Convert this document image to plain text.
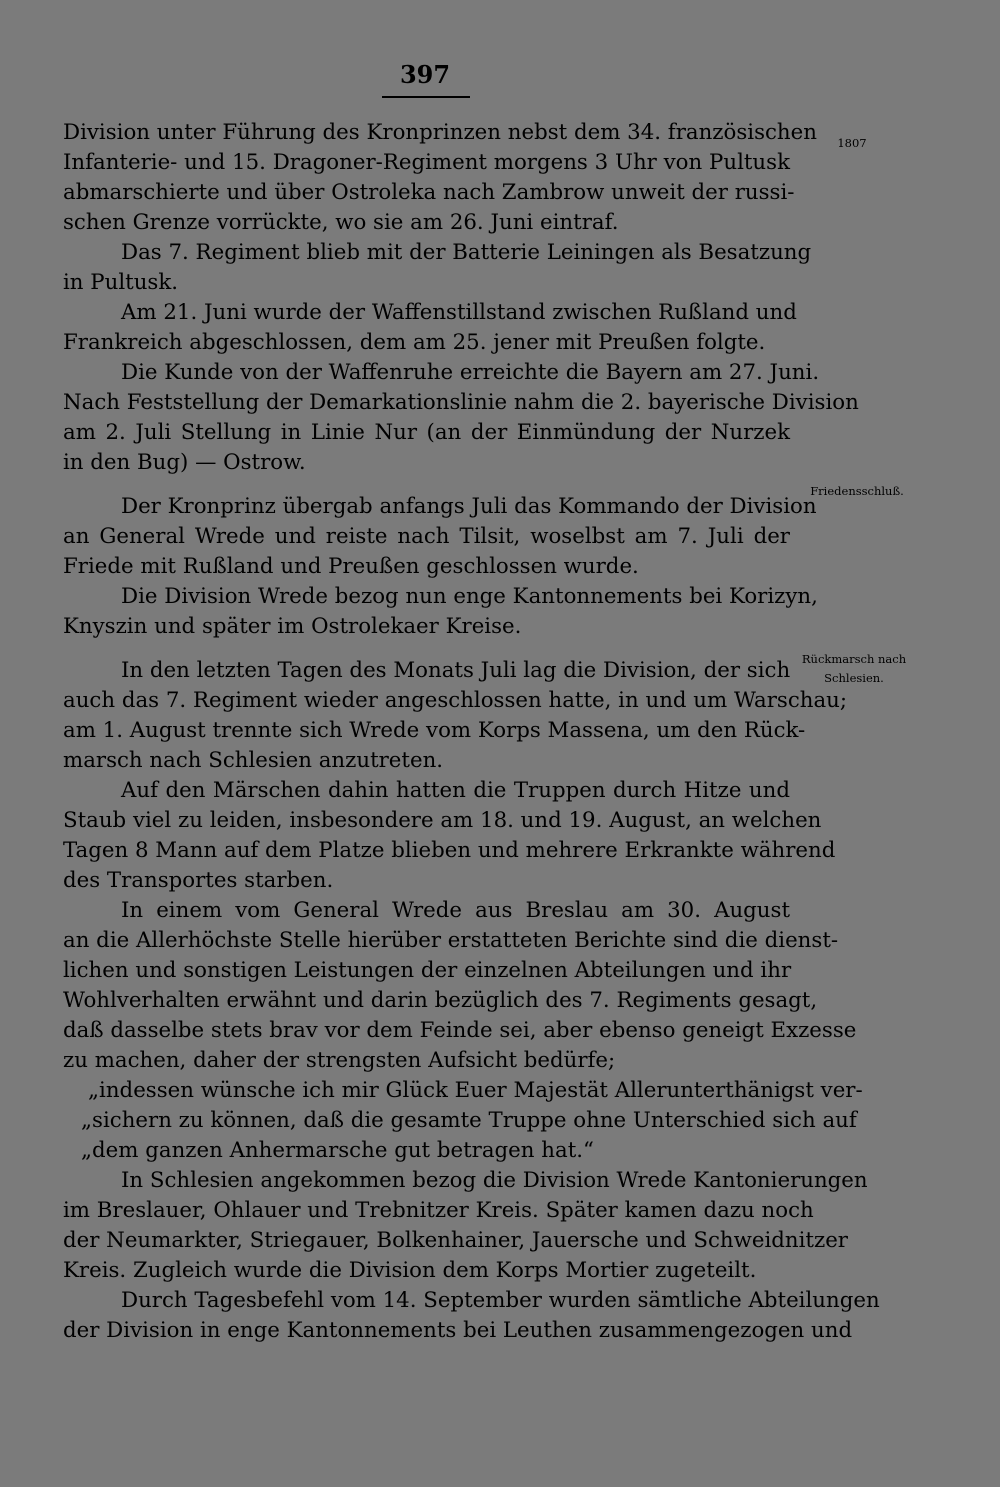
397
1807
Friedensschluß.
Rückmarsch nach
Schlesien.
Division unter Führung des Kronprinzen nebst dem 34. französischen
Infanterie- und 15. Dragoner-Regiment morgens 3 Uhr von Pultusk
abmarschierte und über Ostroleka nach Zambrow unweit der russi-
schen Grenze vorrückte, wo sie am 26. Juni eintraf.
Das 7. Regiment blieb mit der Batterie Leiningen als Besatzung
in Pultusk.
Am 21. Juni wurde der Waffenstillstand zwischen Rußland und
Frankreich abgeschlossen, dem am 25. jener mit Preußen folgte.
Die Kunde von der Waffenruhe erreichte die Bayern am 27. Juni.
Nach Feststellung der Demarkationslinie nahm die 2. bayerische Division
am 2. Juli Stellung in Linie Nur (an der Einmündung der Nurzek
in den Bug) — Ostrow.
Der Kronprinz übergab anfangs Juli das Kommando der Division
an General Wrede und reiste nach Tilsit, woselbst am 7. Juli der
Friede mit Rußland und Preußen geschlossen wurde.
Die Division Wrede bezog nun enge Kantonnements bei Korizyn,
Knyszin und später im Ostrolekaer Kreise.
In den letzten Tagen des Monats Juli lag die Division, der sich
auch das 7. Regiment wieder angeschlossen hatte, in und um Warschau;
am 1. August trennte sich Wrede vom Korps Massena, um den Rück-
marsch nach Schlesien anzutreten.
Auf den Märschen dahin hatten die Truppen durch Hitze und
Staub viel zu leiden, insbesondere am 18. und 19. August, an welchen
Tagen 8 Mann auf dem Platze blieben und mehrere Erkrankte während
des Transportes starben.
In einem vom General Wrede aus Breslau am 30. August
an die Allerhöchste Stelle hierüber erstatteten Berichte sind die dienst-
lichen und sonstigen Leistungen der einzelnen Abteilungen und ihr
Wohlverhalten erwähnt und darin bezüglich des 7. Regiments gesagt,
daß dasselbe stets brav vor dem Feinde sei, aber ebenso geneigt Exzesse
zu machen, daher der strengsten Aufsicht bedürfe;
„indessen wünsche ich mir Glück Euer Majestät Allerunterthänigst ver-
„sichern zu können, daß die gesamte Truppe ohne Unterschied sich auf
„dem ganzen Anhermarsche gut betragen hat.“
In Schlesien angekommen bezog die Division Wrede Kantonierungen
im Breslauer, Ohlauer und Trebnitzer Kreis. Später kamen dazu noch
der Neumarkter, Striegauer, Bolkenhainer, Jauersche und Schweidnitzer
Kreis. Zugleich wurde die Division dem Korps Mortier zugeteilt.
Durch Tagesbefehl vom 14. September wurden sämtliche Abteilungen
der Division in enge Kantonnements bei Leuthen zusammengezogen und
